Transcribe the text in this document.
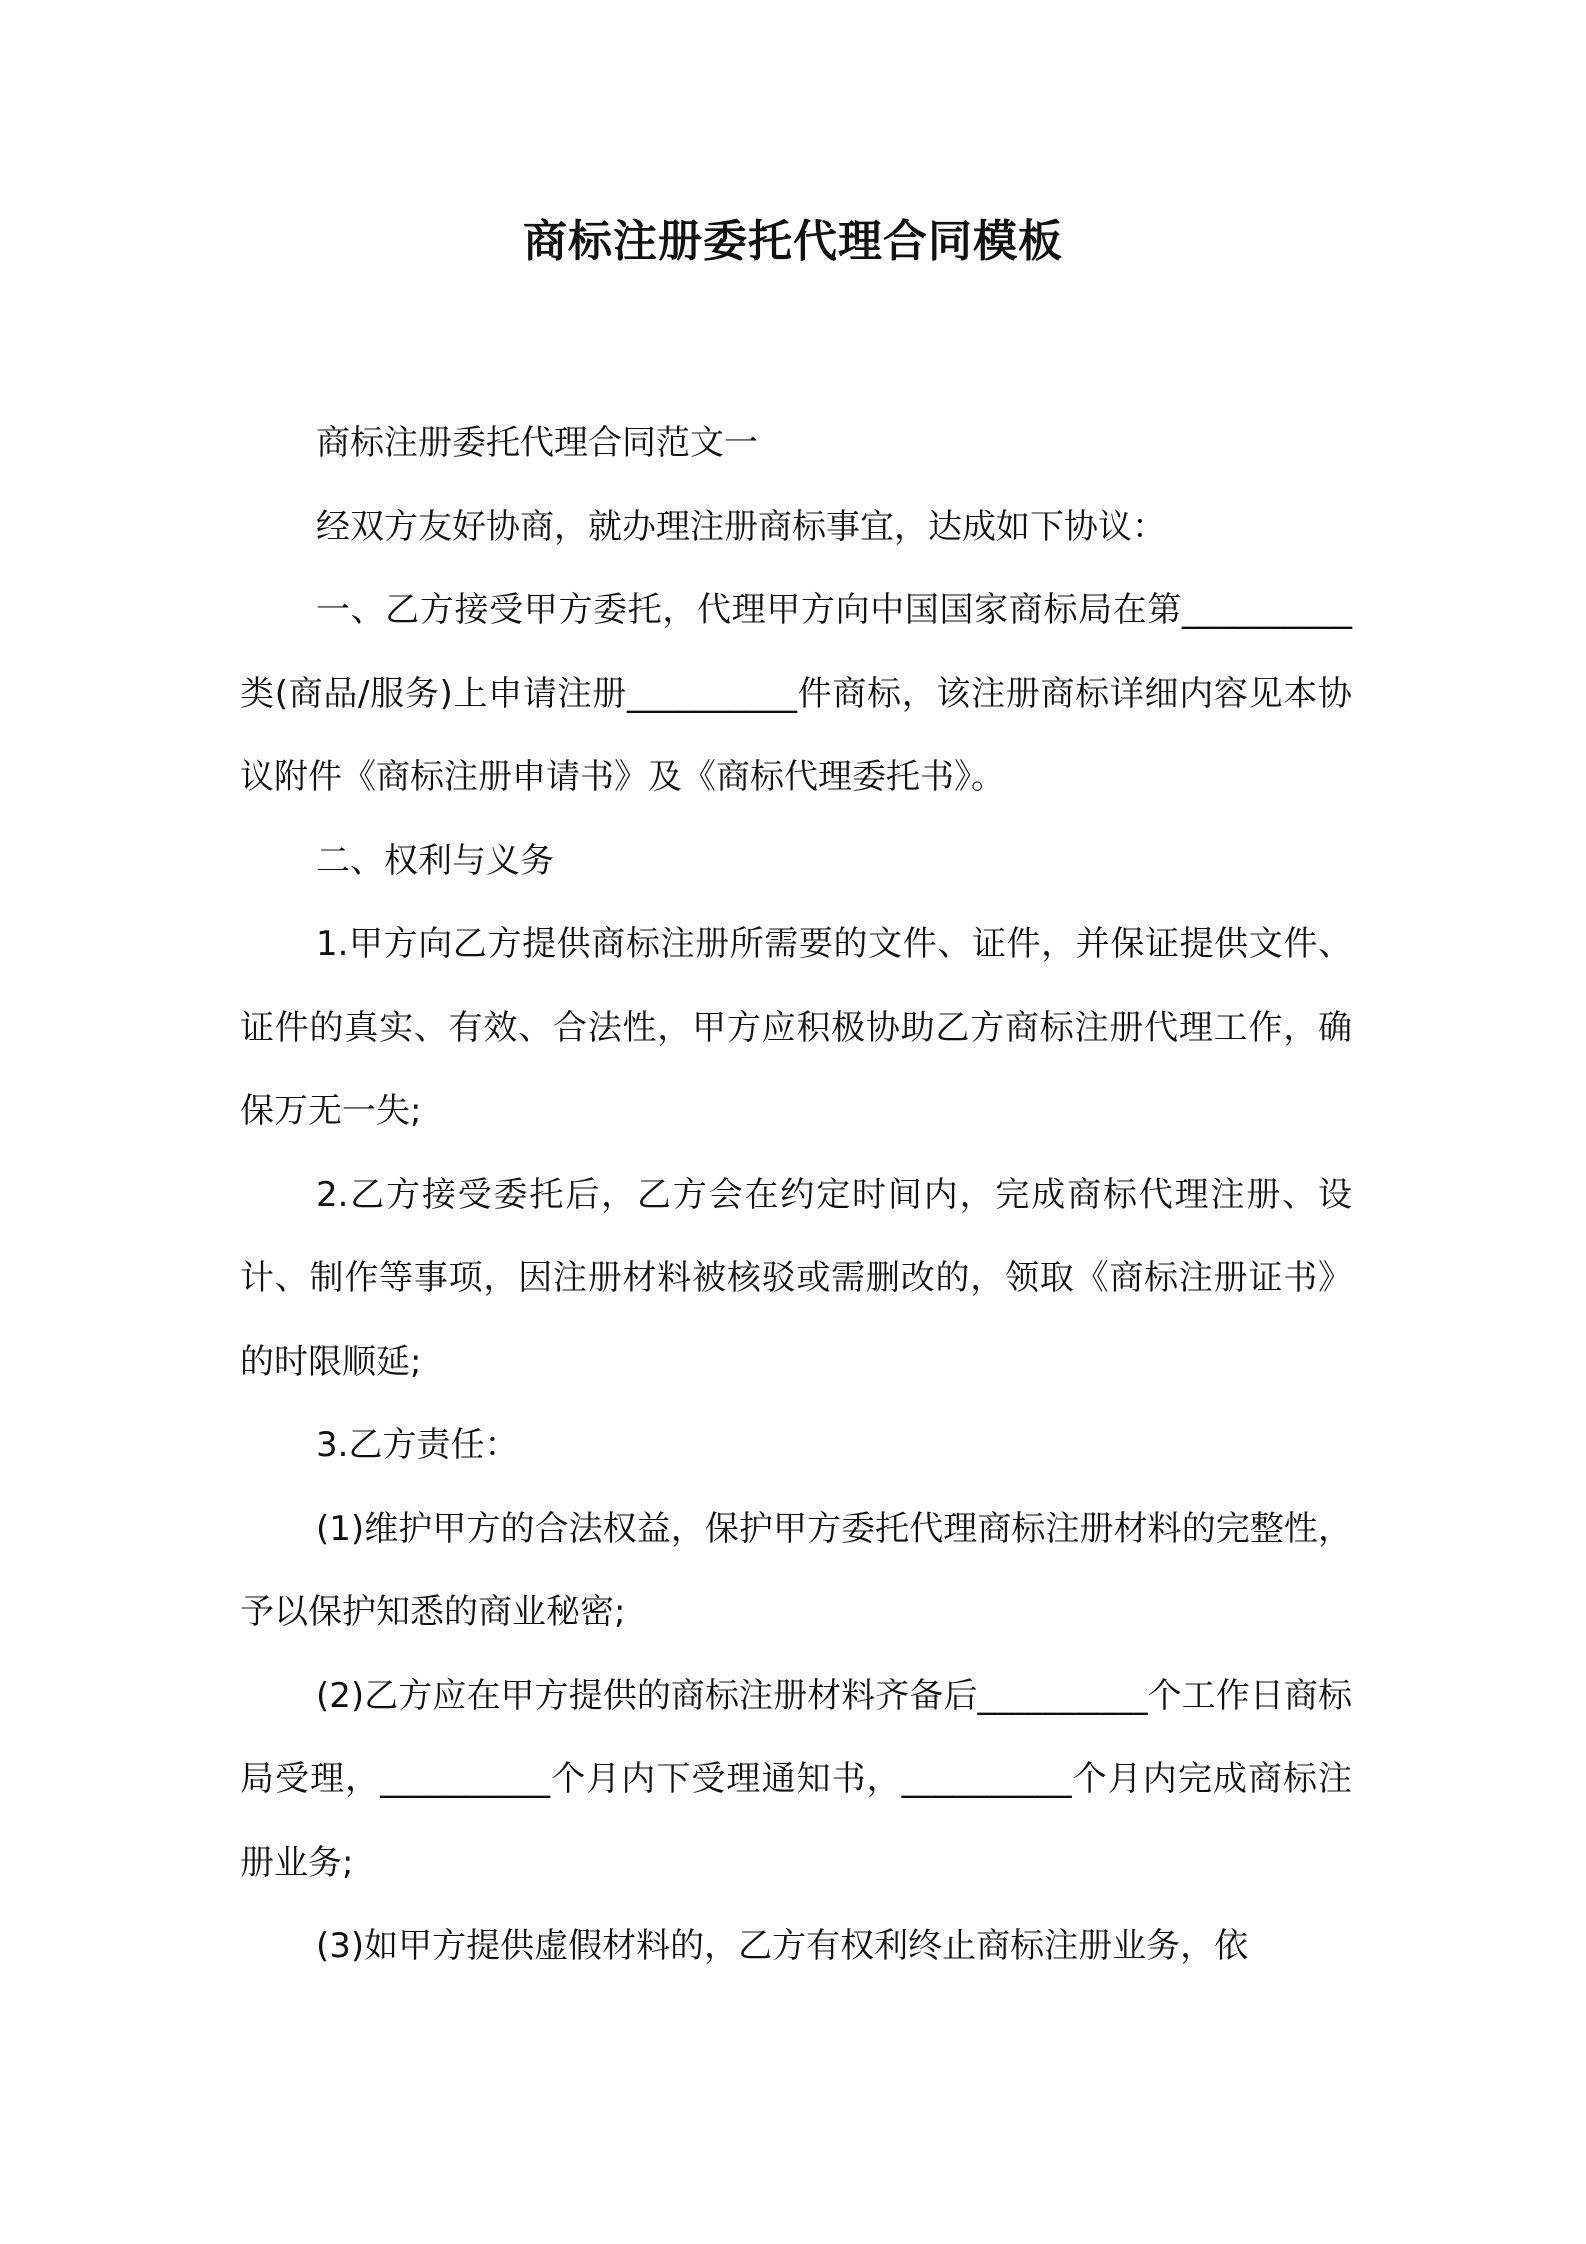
商标注册委托代理合同模板

商标注册委托代理合同范文一

经双方友好协商，就办理注册商标事宜，达成如下协议：

一、乙方接受甲方委托，代理甲方向中国国家商标局在第__________类(商品/服务)上申请注册__________件商标，该注册商标详细内容见本协议附件《商标注册申请书》及《商标代理委托书》。

二、权利与义务

1.甲方向乙方提供商标注册所需要的文件、证件，并保证提供文件、证件的真实、有效、合法性，甲方应积极协助乙方商标注册代理工作，确保万无一失;

2.乙方接受委托后，乙方会在约定时间内，完成商标代理注册、设计、制作等事项，因注册材料被核驳或需删改的，领取《商标注册证书》的时限顺延;

3.乙方责任：

(1)维护甲方的合法权益，保护甲方委托代理商标注册材料的完整性，予以保护知悉的商业秘密;

(2)乙方应在甲方提供的商标注册材料齐备后__________个工作日商标局受理，__________个月内下受理通知书，__________个月内完成商标注册业务;

(3)如甲方提供虚假材料的，乙方有权利终止商标注册业务，依
